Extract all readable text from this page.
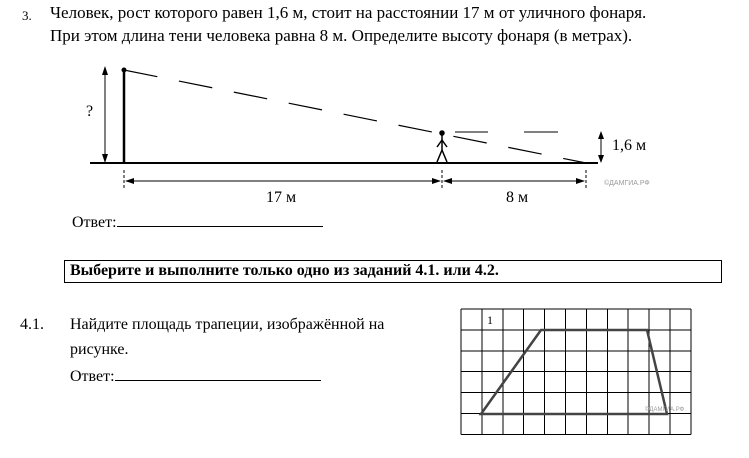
3. Человек, рост которого равен 1,6 м, стоит на расстоянии 17 м от уличного фонаря.
При этом длина тени человека равна 8 м. Определите высоту фонаря (в метрах).
?
1,6 м
17 м	8 м
©ДАМГИА.РФ
Ответ:
Выберите и выполните только одно из заданий 4.1. или 4.2.
4.1. Найдите площадь трапеции, изображённой на
рисунке.
Ответ:
1
©ДАМГИА.РФ
